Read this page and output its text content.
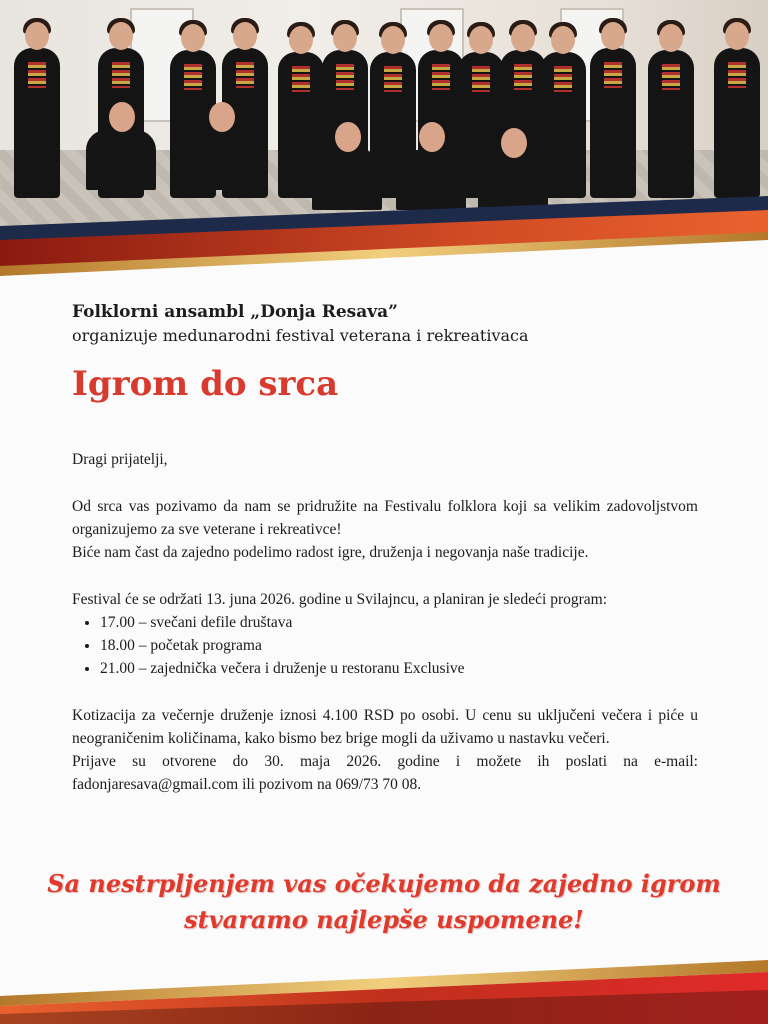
Folklorni ansambl „Donja Resava”

organizuje medunarodni festival veterana i rekreativaca

Igrom do srca

Dragi prijatelji,

Od srca vas pozivamo da nam se pridružite na Festivalu folklora koji sa velikim zadovoljstvom organizujemo za sve veterane i rekreativce!

Biće nam čast da zajedno podelimo radost igre, druženja i negovanja naše tradicije.

Festival će se održati 13. juna 2026. godine u Svilajncu, a planiran je sledeći program:

• 17.00 – svečani defile društava
• 18.00 – početak programa
• 21.00 – zajednička večera i druženje u restoranu Exclusive

Kotizacija za večernje druženje iznosi 4.100 RSD po osobi. U cenu su uključeni večera i piće u neograničenim količinama, kako bismo bez brige mogli da uživamo u nastavku večeri.

Prijave su otvorene do 30. maja 2026. godine i možete ih poslati na e-mail: fadonjaresava@gmail.com ili pozivom na 069/73 70 08.

Sa nestrpljenjem vas očekujemo da zajedno igrom
stvaramo najlepše uspomene!
